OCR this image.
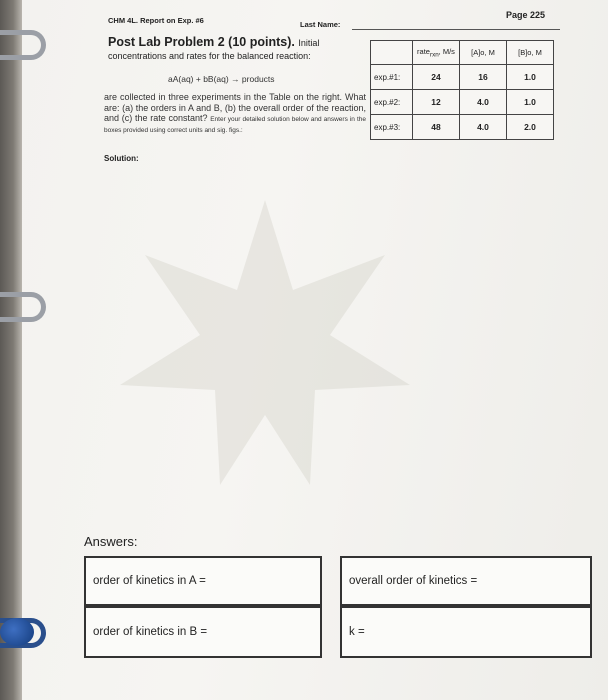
CHM 4L. Report on Exp. #6	Last Name:
Page 225
Post Lab Problem 2 (10 points). Initial concentrations and rates for the balanced reaction:
aA(aq) + bB(aq) → products
are collected in three experiments in the Table on the right. What are: (a) the orders in A and B, (b) the overall order of the reaction, and (c) the rate constant? Enter your detailed solution below and answers in the boxes provided using correct units and sig. figs.:
Solution:
	rate$_{rxn}$, M/s	[A]o, M	[B]o, M
exp.#1:	24	16	1.0
exp.#2:	12	4.0	1.0
exp.#3:	48	4.0	2.0
Answers:
order of kinetics in A =
order of kinetics in B =
overall order of kinetics =
k =
